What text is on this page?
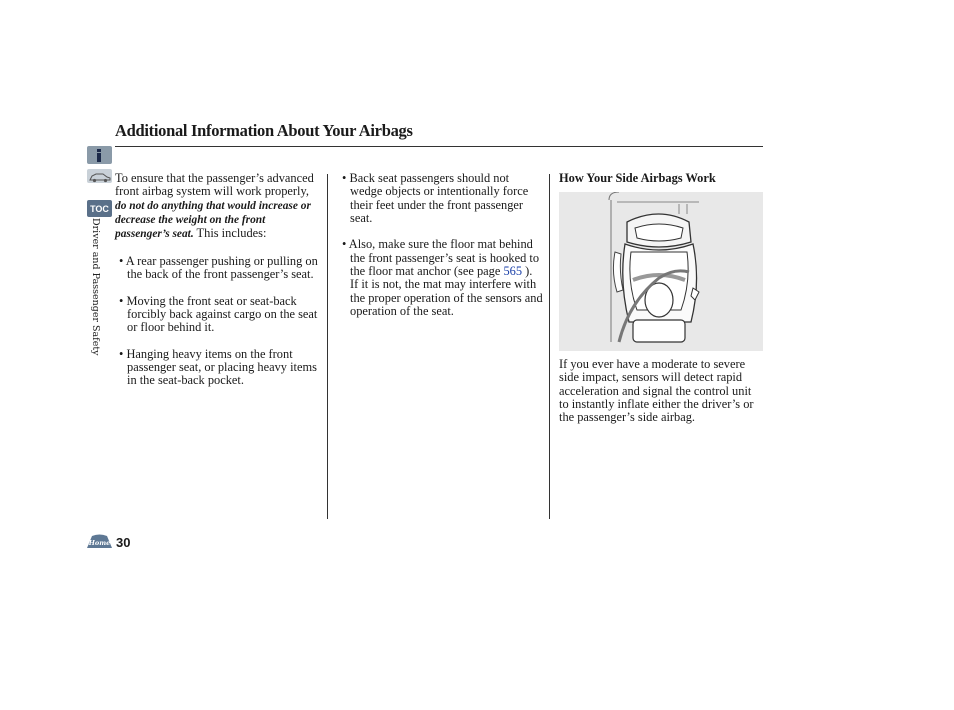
Additional Information About Your Airbags
TOC
Driver and Passenger Safety
Home 30

To ensure that the passenger’s advanced front airbag system will work properly, do not do anything that would increase or decrease the weight on the front passenger’s seat. This includes:

• A rear passenger pushing or pulling on the back of the front passenger’s seat.

• Moving the front seat or seat-back forcibly back against cargo on the seat or floor behind it.

• Hanging heavy items on the front passenger seat, or placing heavy items in the seat-back pocket.

• Back seat passengers should not wedge objects or intentionally force their feet under the front passenger seat.

• Also, make sure the floor mat behind the front passenger’s seat is hooked to the floor mat anchor (see page 565 ). If it is not, the mat may interfere with the proper operation of the sensors and operation of the seat.

How Your Side Airbags Work

If you ever have a moderate to severe side impact, sensors will detect rapid acceleration and signal the control unit to instantly inflate either the driver’s or the passenger’s side airbag.
